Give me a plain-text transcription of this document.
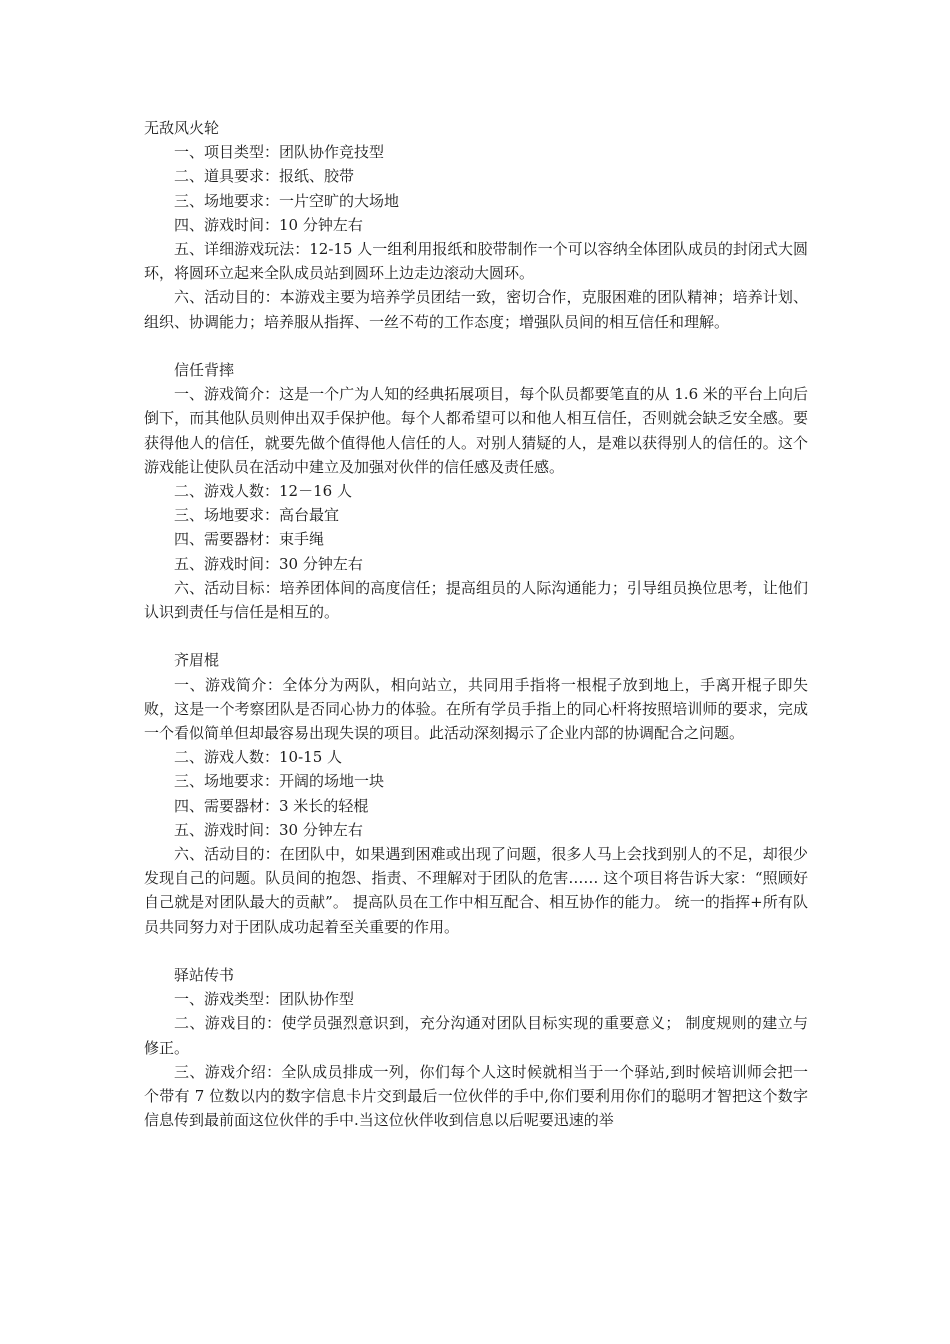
无敌风火轮

一、项目类型：团队协作竞技型

二、道具要求：报纸、胶带

三、场地要求：一片空旷的大场地

四、游戏时间：10 分钟左右

五、详细游戏玩法：12-15 人一组利用报纸和胶带制作一个可以容纳全体团队成员的封闭式大圆环，将圆环立起来全队成员站到圆环上边走边滚动大圆环。

六、活动目的：本游戏主要为培养学员团结一致，密切合作，克服困难的团队精神；培养计划、组织、协调能力；培养服从指挥、一丝不苟的工作态度；增强队员间的相互信任和理解。

信任背摔

一、游戏简介：这是一个广为人知的经典拓展项目，每个队员都要笔直的从 1.6 米的平台上向后倒下，而其他队员则伸出双手保护他。每个人都希望可以和他人相互信任，否则就会缺乏安全感。要获得他人的信任，就要先做个值得他人信任的人。对别人猜疑的人，是难以获得别人的信任的。这个游戏能让使队员在活动中建立及加强对伙伴的信任感及责任感。

二、游戏人数：12－16 人

三、场地要求：高台最宜

四、需要器材：束手绳

五、游戏时间：30 分钟左右

六、活动目标：培养团体间的高度信任；提高组员的人际沟通能力；引导组员换位思考，让他们认识到责任与信任是相互的。

齐眉棍

一、游戏简介：全体分为两队，相向站立，共同用手指将一根棍子放到地上，手离开棍子即失败，这是一个考察团队是否同心协力的体验。在所有学员手指上的同心杆将按照培训师的要求，完成一个看似简单但却最容易出现失误的项目。此活动深刻揭示了企业内部的协调配合之问题。

二、游戏人数：10-15 人

三、场地要求：开阔的场地一块

四、需要器材：3 米长的轻棍

五、游戏时间：30 分钟左右

六、活动目的：在团队中，如果遇到困难或出现了问题，很多人马上会找到别人的不足，却很少发现自己的问题。队员间的抱怨、指责、不理解对于团队的危害…… 这个项目将告诉大家：“照顾好自己就是对团队最大的贡献”。 提高队员在工作中相互配合、相互协作的能力。 统一的指挥+所有队员共同努力对于团队成功起着至关重要的作用。

驿站传书

一、游戏类型：团队协作型

二、游戏目的：使学员强烈意识到，充分沟通对团队目标实现的重要意义； 制度规则的建立与修正。

三、游戏介绍：全队成员排成一列，你们每个人这时候就相当于一个驿站,到时候培训师会把一个带有 7 位数以内的数字信息卡片交到最后一位伙伴的手中,你们要利用你们的聪明才智把这个数字信息传到最前面这位伙伴的手中.当这位伙伴收到信息以后呢要迅速的举
